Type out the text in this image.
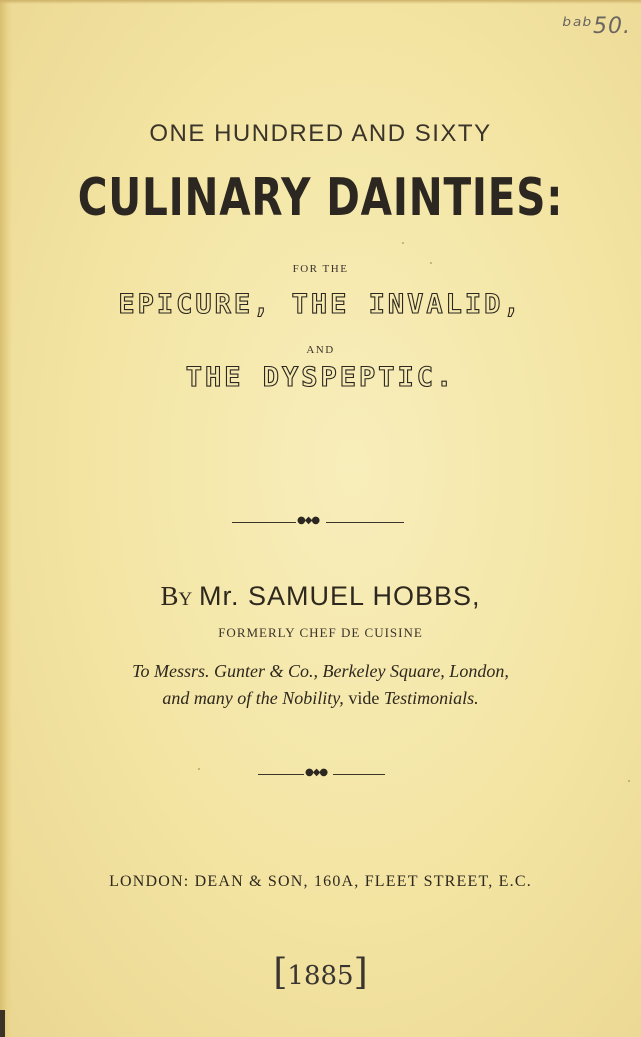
ᵇᵃᵇ50.
ONE HUNDRED AND SIXTY
CULINARY DAINTIES:
FOR THE
EPICURE, THE INVALID,
AND
THE DYSPEPTIC.
●◆●
By Mr. SAMUEL HOBBS,
FORMERLY CHEF DE CUISINE
To Messrs. Gunter & Co., Berkeley Square, London,
and many of the Nobility, vide Testimonials.
●◆●
LONDON: DEAN & SON, 160A, FLEET STREET, E.C.
[1885]
